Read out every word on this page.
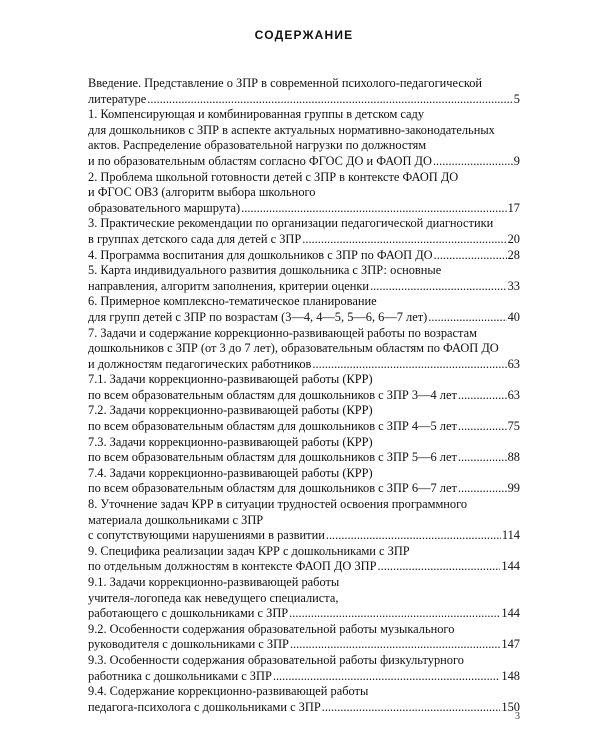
СОДЕРЖАНИЕ
Введение. Представление о ЗПР в современной психолого-педагогической
литературе .....	5
1. Компенсирующая и комбинированная группы в детском саду
для дошкольников с ЗПР в аспекте актуальных нормативно-законодательных
актов. Распределение образовательной нагрузки по должностям
и по образовательным областям согласно ФГОС ДО и ФАОП ДО .....	9
2. Проблема школьной готовности детей с ЗПР в контексте ФАОП ДО
и ФГОС ОВЗ (алгоритм выбора школьного
образовательного маршрута) .....	17
3. Практические рекомендации по организации педагогической диагностики
в группах детского сада для детей с ЗПР .....	20
4. Программа воспитания для дошкольников с ЗПР по ФАОП ДО .....	28
5. Карта индивидуального развития дошкольника с ЗПР: основные
направления, алгоритм заполнения, критерии оценки .....	33
6. Примерное комплексно-тематическое планирование
для групп детей с ЗПР по возрастам (3—4, 4—5, 5—6, 6—7 лет) .....	40
7. Задачи и содержание коррекционно-развивающей работы по возрастам
дошкольников с ЗПР (от 3 до 7 лет), образовательным областям по ФАОП ДО
и должностям педагогических работников .....	63
7.1. Задачи коррекционно-развивающей работы (КРР)
по всем образовательным областям для дошкольников с ЗПР 3—4 лет .....	63
7.2. Задачи коррекционно-развивающей работы (КРР)
по всем образовательным областям для дошкольников с ЗПР 4—5 лет .....	75
7.3. Задачи коррекционно-развивающей работы (КРР)
по всем образовательным областям для дошкольников с ЗПР 5—6 лет .....	88
7.4. Задачи коррекционно-развивающей работы (КРР)
по всем образовательным областям для дошкольников с ЗПР 6—7 лет .....	99
8. Уточнение задач КРР в ситуации трудностей освоения программного
материала дошкольниками с ЗПР
с сопутствующими нарушениями в развитии .....	114
9. Специфика реализации задач КРР с дошкольниками с ЗПР
по отдельным должностям в контексте ФАОП ДО ЗПР .....	144
9.1. Задачи коррекционно-развивающей работы
учителя-логопеда как неведущего специалиста,
работающего с дошкольниками с ЗПР .....	144
9.2. Особенности содержания образовательной работы музыкального
руководителя с дошкольниками с ЗПР .....	147
9.3. Особенности содержания образовательной работы физкультурного
работника с дошкольниками с ЗПР .....	148
9.4. Содержание коррекционно-развивающей работы
педагога-психолога с дошкольниками с ЗПР .....	150
3
